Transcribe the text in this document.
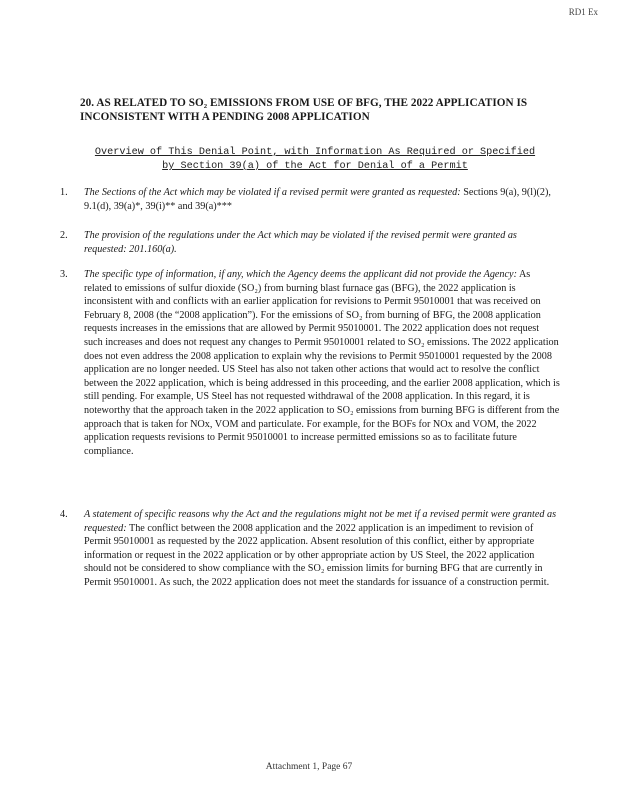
RD1 Ex
20. AS RELATED TO SO₂ EMISSIONS FROM USE OF BFG, THE 2022 APPLICATION IS INCONSISTENT WITH A PENDING 2008 APPLICATION
Overview of This Denial Point, with Information As Required or Specified by Section 39(a) of the Act for Denial of a Permit
1.	The Sections of the Act which may be violated if a revised permit were granted as requested: Sections 9(a), 9(l)(2), 9.1(d), 39(a)*, 39(i)** and 39(a)***
2.	The provision of the regulations under the Act which may be violated if the revised permit were granted as requested: 201.160(a).
3.	The specific type of information, if any, which the Agency deems the applicant did not provide the Agency: As related to emissions of sulfur dioxide (SO₂) from burning blast furnace gas (BFG), the 2022 application is inconsistent with and conflicts with an earlier application for revisions to Permit 95010001 that was received on February 8, 2008 (the “2008 application”). For the emissions of SO₂ from burning of BFG, the 2008 application requests increases in the emissions that are allowed by Permit 95010001. The 2022 application does not request such increases and does not request any changes to Permit 95010001 related to SO₂ emissions. The 2022 application does not even address the 2008 application to explain why the revisions to Permit 95010001 requested by the 2008 application are no longer needed. US Steel has also not taken other actions that would act to resolve the conflict between the 2022 application, which is being addressed in this proceeding, and the earlier 2008 application, which is still pending. For example, US Steel has not requested withdrawal of the 2008 application. In this regard, it is noteworthy that the approach taken in the 2022 application to SO₂ emissions from burning BFG is different from the approach that is taken for NOx, VOM and particulate. For example, for the BOFs for NOx and VOM, the 2022 application requests revisions to Permit 95010001 to increase permitted emissions so as to facilitate future compliance.
4.	A statement of specific reasons why the Act and the regulations might not be met if a revised permit were granted as requested: The conflict between the 2008 application and the 2022 application is an impediment to revision of Permit 95010001 as requested by the 2022 application. Absent resolution of this conflict, either by appropriate information or request in the 2022 application or by other appropriate action by US Steel, the 2022 application should not be considered to show compliance with the SO₂ emission limits for burning BFG that are currently in Permit 95010001. As such, the 2022 application does not meet the standards for issuance of a construction permit.
Attachment 1, Page 67
